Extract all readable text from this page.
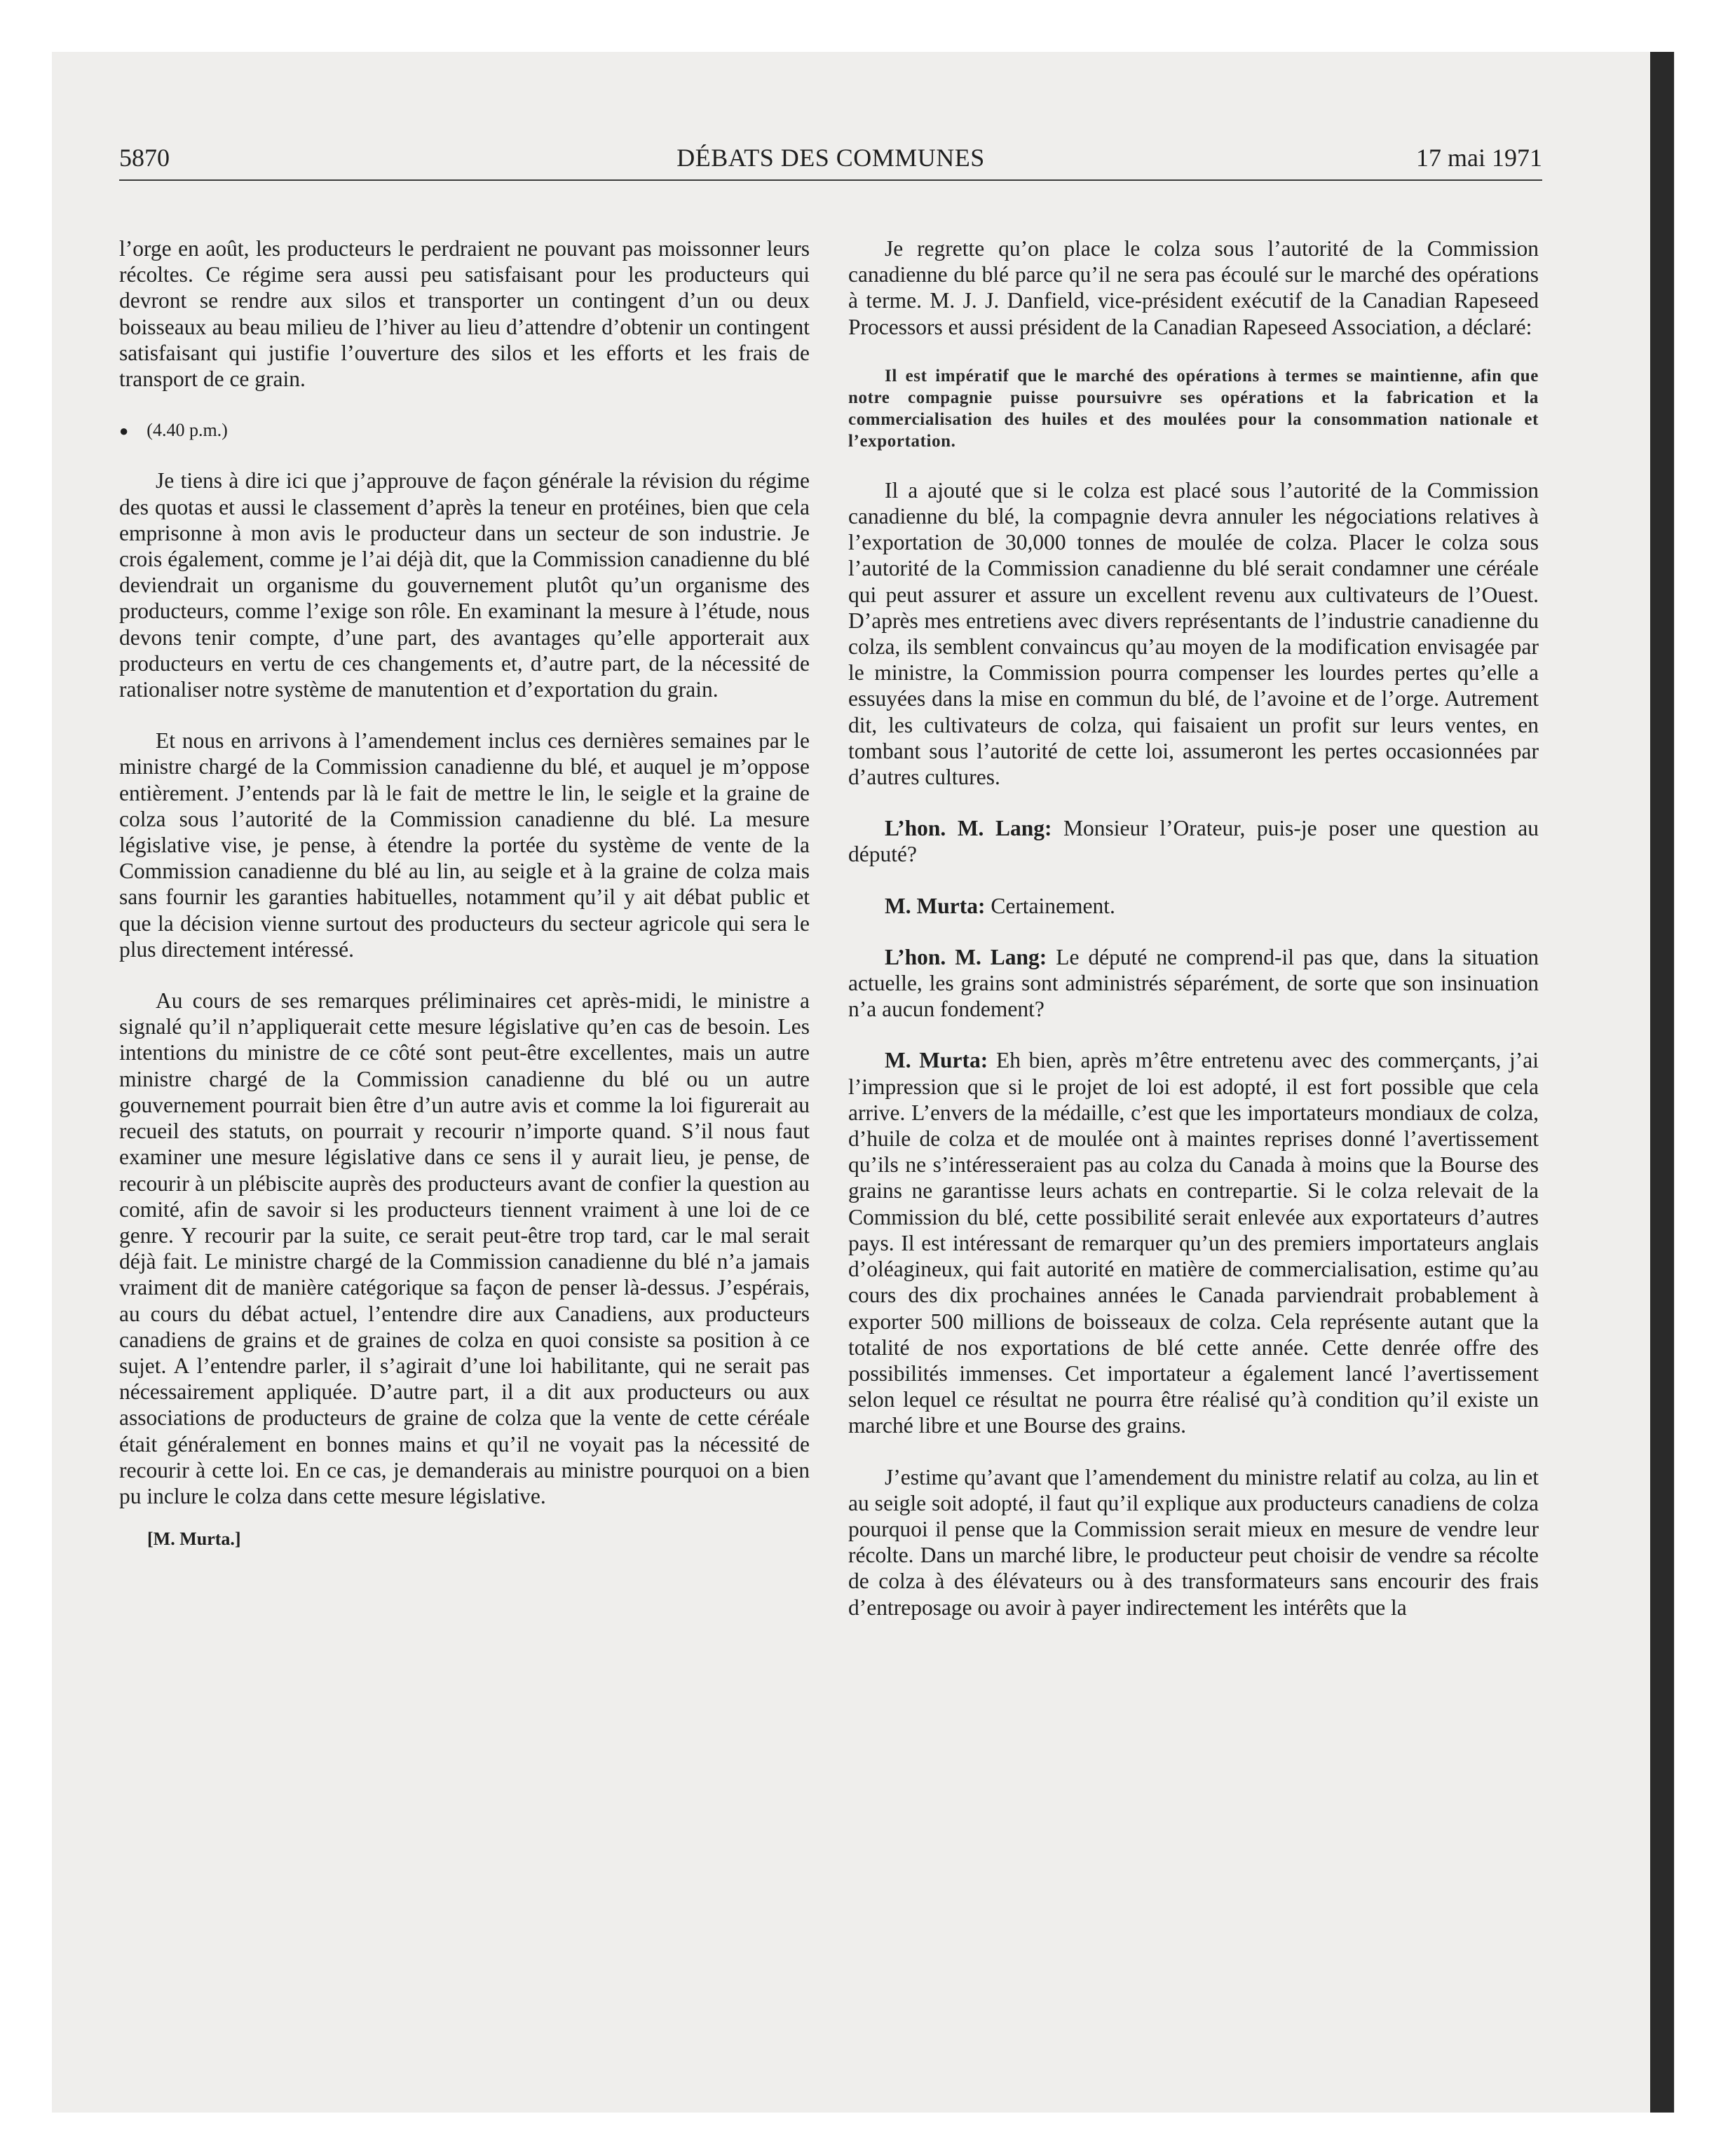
5870	DÉBATS DES COMMUNES	17 mai 1971

l’orge en août, les producteurs le perdraient ne pouvant pas moissonner leurs récoltes. Ce régime sera aussi peu satisfaisant pour les producteurs qui devront se rendre aux silos et transporter un contingent d’un ou deux boisseaux au beau milieu de l’hiver au lieu d’attendre d’obtenir un contingent satisfaisant qui justifie l’ouverture des silos et les efforts et les frais de transport de ce grain.

● (4.40 p.m.)

Je tiens à dire ici que j’approuve de façon générale la révision du régime des quotas et aussi le classement d’après la teneur en protéines, bien que cela emprisonne à mon avis le producteur dans un secteur de son industrie. Je crois également, comme je l’ai déjà dit, que la Commission canadienne du blé deviendrait un organisme du gouvernement plutôt qu’un organisme des producteurs, comme l’exige son rôle. En examinant la mesure à l’étude, nous devons tenir compte, d’une part, des avantages qu’elle apporterait aux producteurs en vertu de ces changements et, d’autre part, de la nécessité de rationaliser notre système de manutention et d’exportation du grain.

Et nous en arrivons à l’amendement inclus ces dernières semaines par le ministre chargé de la Commission canadienne du blé, et auquel je m’oppose entièrement. J’entends par là le fait de mettre le lin, le seigle et la graine de colza sous l’autorité de la Commission canadienne du blé. La mesure législative vise, je pense, à étendre la portée du système de vente de la Commission canadienne du blé au lin, au seigle et à la graine de colza mais sans fournir les garanties habituelles, notamment qu’il y ait débat public et que la décision vienne surtout des producteurs du secteur agricole qui sera le plus directement intéressé.

Au cours de ses remarques préliminaires cet après-midi, le ministre a signalé qu’il n’appliquerait cette mesure législative qu’en cas de besoin. Les intentions du ministre de ce côté sont peut-être excellentes, mais un autre ministre chargé de la Commission canadienne du blé ou un autre gouvernement pourrait bien être d’un autre avis et comme la loi figurerait au recueil des statuts, on pourrait y recourir n’importe quand. S’il nous faut examiner une mesure législative dans ce sens il y aurait lieu, je pense, de recourir à un plébiscite auprès des producteurs avant de confier la question au comité, afin de savoir si les producteurs tiennent vraiment à une loi de ce genre. Y recourir par la suite, ce serait peut-être trop tard, car le mal serait déjà fait. Le ministre chargé de la Commission canadienne du blé n’a jamais vraiment dit de manière catégorique sa façon de penser là-dessus. J’espérais, au cours du débat actuel, l’entendre dire aux Canadiens, aux producteurs canadiens de grains et de graines de colza en quoi consiste sa position à ce sujet. A l’entendre parler, il s’agirait d’une loi habilitante, qui ne serait pas nécessairement appliquée. D’autre part, il a dit aux producteurs ou aux associations de producteurs de graine de colza que la vente de cette céréale était généralement en bonnes mains et qu’il ne voyait pas la nécessité de recourir à cette loi. En ce cas, je demanderais au ministre pourquoi on a bien pu inclure le colza dans cette mesure législative.

[M. Murta.]

Je regrette qu’on place le colza sous l’autorité de la Commission canadienne du blé parce qu’il ne sera pas écoulé sur le marché des opérations à terme. M. J. J. Danfield, vice-président exécutif de la Canadian Rapeseed Processors et aussi président de la Canadian Rapeseed Association, a déclaré:

Il est impératif que le marché des opérations à termes se maintienne, afin que notre compagnie puisse poursuivre ses opérations et la fabrication et la commercialisation des huiles et des moulées pour la consommation nationale et l’exportation.

Il a ajouté que si le colza est placé sous l’autorité de la Commission canadienne du blé, la compagnie devra annuler les négociations relatives à l’exportation de 30,000 tonnes de moulée de colza. Placer le colza sous l’autorité de la Commission canadienne du blé serait condamner une céréale qui peut assurer et assure un excellent revenu aux cultivateurs de l’Ouest. D’après mes entretiens avec divers représentants de l’industrie canadienne du colza, ils semblent convaincus qu’au moyen de la modification envisagée par le ministre, la Commission pourra compenser les lourdes pertes qu’elle a essuyées dans la mise en commun du blé, de l’avoine et de l’orge. Autrement dit, les cultivateurs de colza, qui faisaient un profit sur leurs ventes, en tombant sous l’autorité de cette loi, assumeront les pertes occasionnées par d’autres cultures.

L’hon. M. Lang: Monsieur l’Orateur, puis-je poser une question au député?

M. Murta: Certainement.

L’hon. M. Lang: Le député ne comprend-il pas que, dans la situation actuelle, les grains sont administrés séparément, de sorte que son insinuation n’a aucun fondement?

M. Murta: Eh bien, après m’être entretenu avec des commerçants, j’ai l’impression que si le projet de loi est adopté, il est fort possible que cela arrive. L’envers de la médaille, c’est que les importateurs mondiaux de colza, d’huile de colza et de moulée ont à maintes reprises donné l’avertissement qu’ils ne s’intéresseraient pas au colza du Canada à moins que la Bourse des grains ne garantisse leurs achats en contrepartie. Si le colza relevait de la Commission du blé, cette possibilité serait enlevée aux exportateurs d’autres pays. Il est intéressant de remarquer qu’un des premiers importateurs anglais d’oléagineux, qui fait autorité en matière de commercialisation, estime qu’au cours des dix prochaines années le Canada parviendrait probablement à exporter 500 millions de boisseaux de colza. Cela représente autant que la totalité de nos exportations de blé cette année. Cette denrée offre des possibilités immenses. Cet importateur a également lancé l’avertissement selon lequel ce résultat ne pourra être réalisé qu’à condition qu’il existe un marché libre et une Bourse des grains.

J’estime qu’avant que l’amendement du ministre relatif au colza, au lin et au seigle soit adopté, il faut qu’il explique aux producteurs canadiens de colza pourquoi il pense que la Commission serait mieux en mesure de vendre leur récolte. Dans un marché libre, le producteur peut choisir de vendre sa récolte de colza à des élévateurs ou à des transformateurs sans encourir des frais d’entreposage ou avoir à payer indirectement les intérêts que la
